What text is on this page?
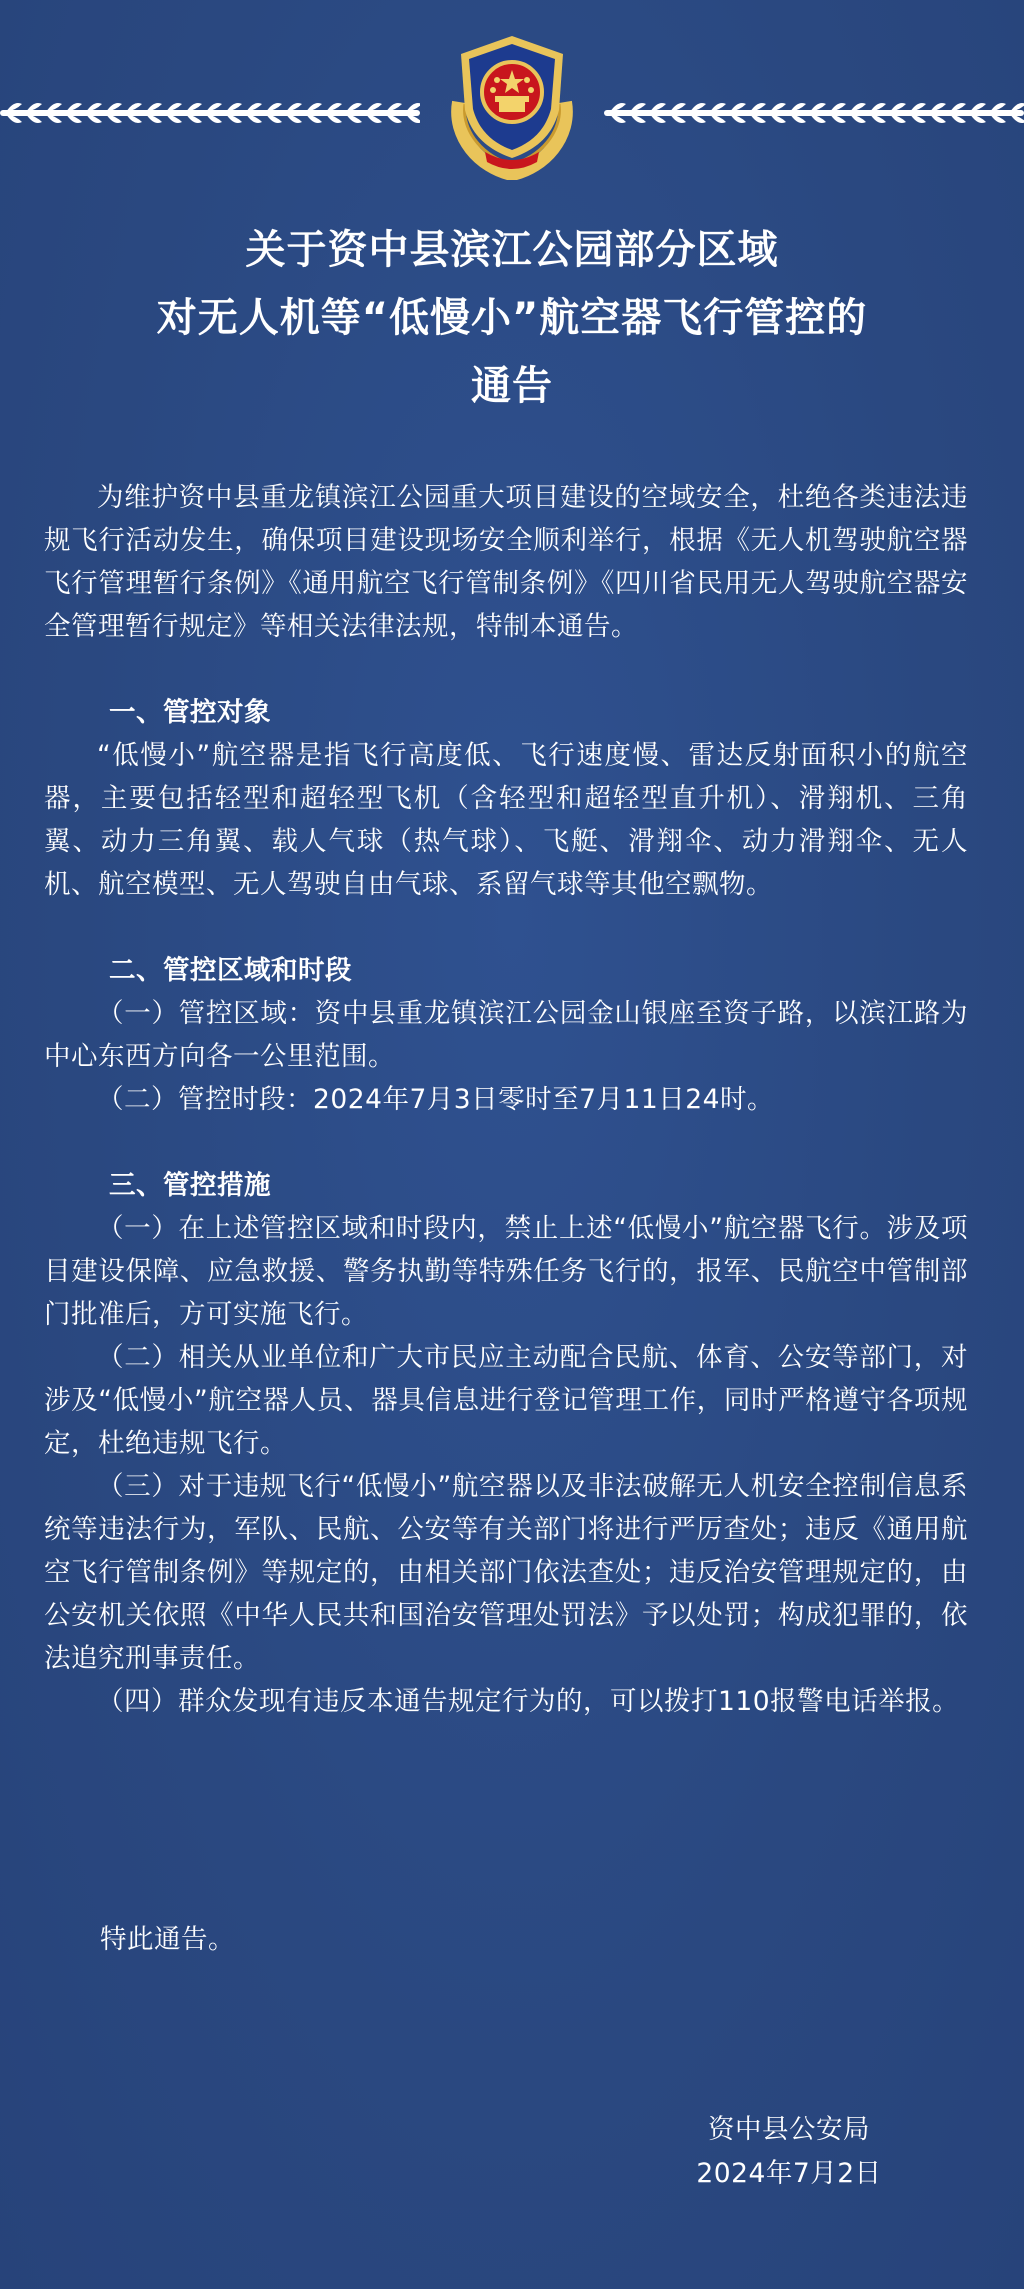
关于资中县滨江公园部分区域
对无人机等“低慢小”航空器飞行管控的
通告

为维护资中县重龙镇滨江公园重大项目建设的空域安全，杜绝各类违法违规飞行活动发生，确保项目建设现场安全顺利举行，根据《无人机驾驶航空器飞行管理暂行条例》《通用航空飞行管制条例》《四川省民用无人驾驶航空器安全管理暂行规定》等相关法律法规，特制本通告。

一、管控对象

“低慢小”航空器是指飞行高度低、飞行速度慢、雷达反射面积小的航空器，主要包括轻型和超轻型飞机（含轻型和超轻型直升机）、滑翔机、三角翼、动力三角翼、载人气球（热气球）、飞艇、滑翔伞、动力滑翔伞、无人机、航空模型、无人驾驶自由气球、系留气球等其他空飘物。

二、管控区域和时段

（一）管控区域：资中县重龙镇滨江公园金山银座至资子路，以滨江路为中心东西方向各一公里范围。

（二）管控时段：2024年7月3日零时至7月11日24时。

三、管控措施

（一）在上述管控区域和时段内，禁止上述“低慢小”航空器飞行。涉及项目建设保障、应急救援、警务执勤等特殊任务飞行的，报军、民航空中管制部门批准后，方可实施飞行。

（二）相关从业单位和广大市民应主动配合民航、体育、公安等部门，对涉及“低慢小”航空器人员、器具信息进行登记管理工作，同时严格遵守各项规定，杜绝违规飞行。

（三）对于违规飞行“低慢小”航空器以及非法破解无人机安全控制信息系统等违法行为，军队、民航、公安等有关部门将进行严厉查处；违反《通用航空飞行管制条例》等规定的，由相关部门依法查处；违反治安管理规定的，由公安机关依照《中华人民共和国治安管理处罚法》予以处罚；构成犯罪的，依法追究刑事责任。

（四）群众发现有违反本通告规定行为的，可以拨打110报警电话举报。

特此通告。
资中县公安局
2024年7月2日
